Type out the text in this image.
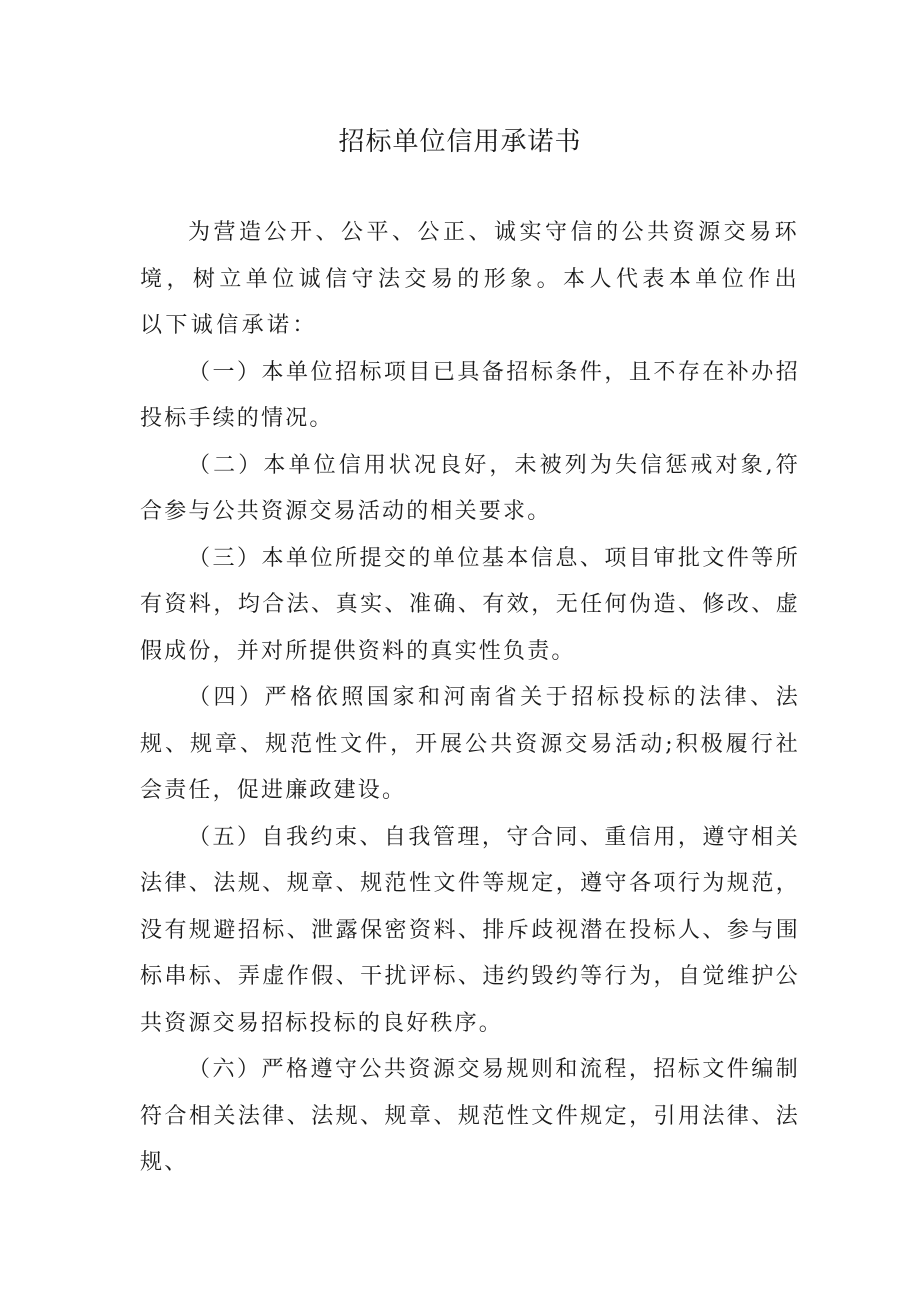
招标单位信用承诺书

为营造公开、公平、公正、诚实守信的公共资源交易环境，树立单位诚信守法交易的形象。本人代表本单位作出以下诚信承诺：

（一）本单位招标项目已具备招标条件，且不存在补办招投标手续的情况。

（二）本单位信用状况良好，未被列为失信惩戒对象,符合参与公共资源交易活动的相关要求。

（三）本单位所提交的单位基本信息、项目审批文件等所有资料，均合法、真实、准确、有效，无任何伪造、修改、虚假成份，并对所提供资料的真实性负责。

（四）严格依照国家和河南省关于招标投标的法律、法规、规章、规范性文件，开展公共资源交易活动;积极履行社会责任，促进廉政建设。

（五）自我约束、自我管理，守合同、重信用，遵守相关法律、法规、规章、规范性文件等规定，遵守各项行为规范，没有规避招标、泄露保密资料、排斥歧视潜在投标人、参与围标串标、弄虚作假、干扰评标、违约毁约等行为，自觉维护公共资源交易招标投标的良好秩序。

（六）严格遵守公共资源交易规则和流程，招标文件编制符合相关法律、法规、规章、规范性文件规定，引用法律、法规、
